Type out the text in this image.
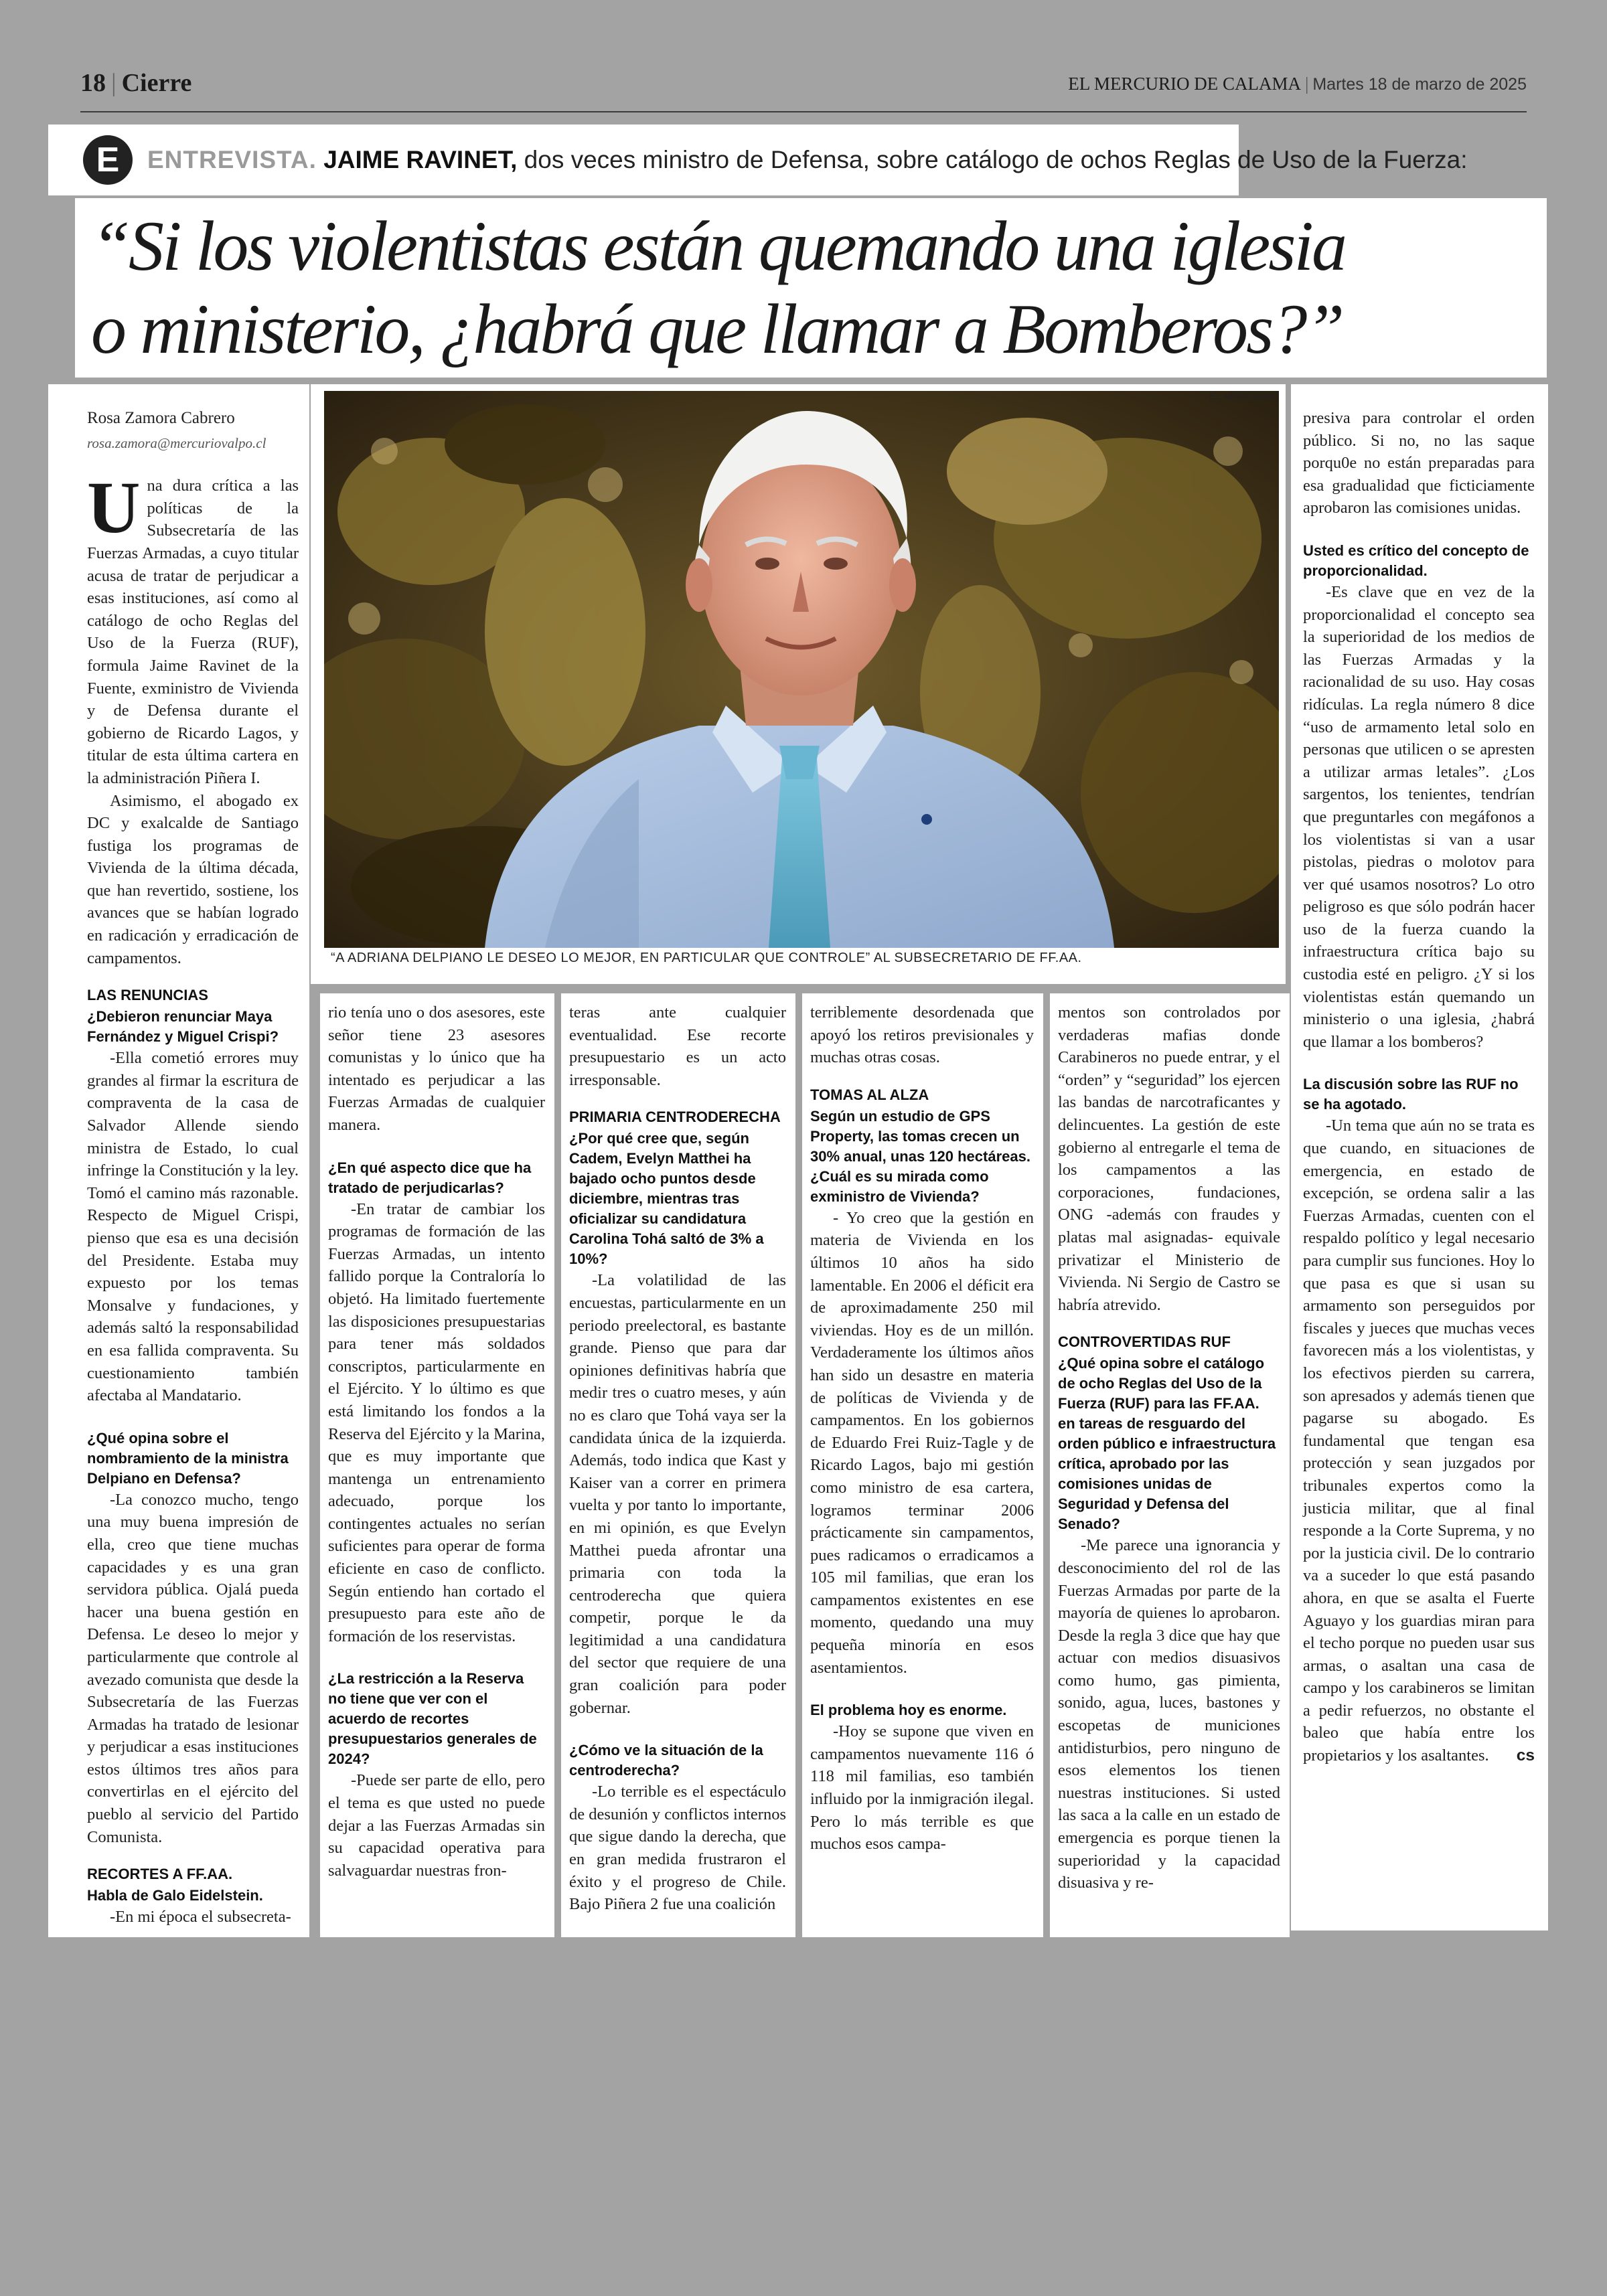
18 | Cierre	EL MERCURIO DE CALAMA | Martes 18 de marzo de 2025
E	ENTREVISTA. JAIME RAVINET, dos veces ministro de Defensa, sobre catálogo de ochos Reglas de Uso de la Fuerza:
“Si los violentistas están quemando una iglesia
o ministerio, ¿habrá que llamar a Bomberos?”
Rosa Zamora Cabrero
rosa.zamora@mercuriovalpo.cl

Una dura crítica a las políticas de la Subsecretaría de las Fuerzas Armadas, a cuyo titular acusa de tratar de perjudicar a esas instituciones, así como al catálogo de ocho Reglas del Uso de la Fuerza (RUF), formula Jaime Ravinet de la Fuente, exministro de Vivienda y de Defensa durante el gobierno de Ricardo Lagos, y titular de esta última cartera en la administración Piñera I.

Asimismo, el abogado ex DC y exalcalde de Santiago fustiga los programas de Vivienda de la última década, que han revertido, sostiene, los avances que se habían logrado en radicación y erradicación de campamentos.

LAS RENUNCIAS
¿Debieron renunciar Maya Fernández y Miguel Crispi?

-Ella cometió errores muy grandes al firmar la escritura de compraventa de la casa de Salvador Allende siendo ministra de Estado, lo cual infringe la Constitución y la ley. Tomó el camino más razonable. Respecto de Miguel Crispi, pienso que esa es una decisión del Presidente. Estaba muy expuesto por los temas Monsalve y fundaciones, y además saltó la responsabilidad en esa fallida compraventa. Su cuestionamiento también afectaba al Mandatario.

¿Qué opina sobre el nombramiento de la ministra Delpiano en Defensa?

-La conozco mucho, tengo una muy buena impresión de ella, creo que tiene muchas capacidades y es una gran servidora pública. Ojalá pueda hacer una buena gestión en Defensa. Le deseo lo mejor y particularmente que controle al avezado comunista que desde la Subsecretaría de las Fuerzas Armadas ha tratado de lesionar y perjudicar a esas instituciones estos últimos tres años para convertirlas en el ejército del pueblo al servicio del Partido Comunista.

RECORTES A FF.AA.
Habla de Galo Eidelstein.

-En mi época el subsecreta-

EL MERCURIO
“A ADRIANA DELPIANO LE DESEO LO MEJOR, EN PARTICULAR QUE CONTROLE” AL SUBSECRETARIO DE FF.AA.

rio tenía uno o dos asesores, este señor tiene 23 asesores comunistas y lo único que ha intentado es perjudicar a las Fuerzas Armadas de cualquier manera.

¿En qué aspecto dice que ha tratado de perjudicarlas?

-En tratar de cambiar los programas de formación de las Fuerzas Armadas, un intento fallido porque la Contraloría lo objetó. Ha limitado fuertemente las disposiciones presupuestarias para tener más soldados conscriptos, particularmente en el Ejército. Y lo último es que está limitando los fondos a la Reserva del Ejército y la Marina, que es muy importante que mantenga un entrenamiento adecuado, porque los contingentes actuales no serían suficientes para operar de forma eficiente en caso de conflicto. Según entiendo han cortado el presupuesto para este año de formación de los reservistas.

¿La restricción a la Reserva no tiene que ver con el acuerdo de recortes presupuestarios generales de 2024?

-Puede ser parte de ello, pero el tema es que usted no puede dejar a las Fuerzas Armadas sin su capacidad operativa para salvaguardar nuestras fron-

teras ante cualquier eventualidad. Ese recorte presupuestario es un acto irresponsable.

PRIMARIA CENTRODERECHA
¿Por qué cree que, según Cadem, Evelyn Matthei ha bajado ocho puntos desde diciembre, mientras tras oficializar su candidatura Carolina Tohá saltó de 3% a 10%?

-La volatilidad de las encuestas, particularmente en un periodo preelectoral, es bastante grande. Pienso que para dar opiniones definitivas habría que medir tres o cuatro meses, y aún no es claro que Tohá vaya ser la candidata única de la izquierda. Además, todo indica que Kast y Kaiser van a correr en primera vuelta y por tanto lo importante, en mi opinión, es que Evelyn Matthei pueda afrontar una primaria con toda la centroderecha que quiera competir, porque le da legitimidad a una candidatura del sector que requiere de una gran coalición para poder gobernar.

¿Cómo ve la situación de la centroderecha?

-Lo terrible es el espectáculo de desunión y conflictos internos que sigue dando la derecha, que en gran medida frustraron el éxito y el progreso de Chile. Bajo Piñera 2 fue una coalición

terriblemente desordenada que apoyó los retiros previsionales y muchas otras cosas.

TOMAS AL ALZA
Según un estudio de GPS Property, las tomas crecen un 30% anual, unas 120 hectáreas. ¿Cuál es su mirada como exministro de Vivienda?

- Yo creo que la gestión en materia de Vivienda en los últimos 10 años ha sido lamentable. En 2006 el déficit era de aproximadamente 250 mil viviendas. Hoy es de un millón. Verdaderamente los últimos años han sido un desastre en materia de políticas de Vivienda y de campamentos. En los gobiernos de Eduardo Frei Ruiz-Tagle y de Ricardo Lagos, bajo mi gestión como ministro de esa cartera, logramos terminar 2006 prácticamente sin campamentos, pues radicamos o erradicamos a 105 mil familias, que eran los campamentos existentes en ese momento, quedando una muy pequeña minoría en esos asentamientos.

El problema hoy es enorme.

-Hoy se supone que viven en campamentos nuevamente 116 ó 118 mil familias, eso también influido por la inmigración ilegal. Pero lo más terrible es que muchos esos campa-

mentos son controlados por verdaderas mafias donde Carabineros no puede entrar, y el “orden” y “seguridad” los ejercen las bandas de narcotraficantes y delincuentes. La gestión de este gobierno al entregarle el tema de los campamentos a las corporaciones, fundaciones, ONG -además con fraudes y platas mal asignadas- equivale privatizar el Ministerio de Vivienda. Ni Sergio de Castro se habría atrevido.

CONTROVERTIDAS RUF
¿Qué opina sobre el catálogo de ocho Reglas del Uso de la Fuerza (RUF) para las FF.AA. en tareas de resguardo del orden público e infraestructura crítica, aprobado por las comisiones unidas de Seguridad y Defensa del Senado?

-Me parece una ignorancia y desconocimiento del rol de las Fuerzas Armadas por parte de la mayoría de quienes lo aprobaron. Desde la regla 3 dice que hay que actuar con medios disuasivos como humo, gas pimienta, sonido, agua, luces, bastones y escopetas de municiones antidisturbios, pero ninguno de esos elementos los tienen nuestras instituciones. Si usted las saca a la calle en un estado de emergencia es porque tienen la superioridad y la capacidad disuasiva y re-

presiva para controlar el orden público. Si no, no las saque porqu0e no están preparadas para esa gradualidad que ficticiamente aprobaron las comisiones unidas.

Usted es crítico del concepto de proporcionalidad.

-Es clave que en vez de la proporcionalidad el concepto sea la superioridad de los medios de las Fuerzas Armadas y la racionalidad de su uso. Hay cosas ridículas. La regla número 8 dice “uso de armamento letal solo en personas que utilicen o se apresten a utilizar armas letales”. ¿Los sargentos, los tenientes, tendrían que preguntarles con megáfonos a los violentistas si van a usar pistolas, piedras o molotov para ver qué usamos nosotros? Lo otro peligroso es que sólo podrán hacer uso de la fuerza cuando la infraestructura crítica bajo su custodia esté en peligro. ¿Y si los violentistas están quemando un ministerio o una iglesia, ¿habrá que llamar a los bomberos?

La discusión sobre las RUF no se ha agotado.

-Un tema que aún no se trata es que cuando, en situaciones de emergencia, en estado de excepción, se ordena salir a las Fuerzas Armadas, cuenten con el respaldo político y legal necesario para cumplir sus funciones. Hoy lo que pasa es que si usan su armamento son perseguidos por fiscales y jueces que muchas veces favorecen más a los violentistas, y los efectivos pierden su carrera, son apresados y además tienen que pagarse su abogado. Es fundamental que tengan esa protección y sean juzgados por tribunales expertos como la justicia militar, que al final responde a la Corte Suprema, y no por la justicia civil. De lo contrario va a suceder lo que está pasando ahora, en que se asalta el Fuerte Aguayo y los guardias miran para el techo porque no pueden usar sus armas, o asaltan una casa de campo y los carabineros se limitan a pedir refuerzos, no obstante el baleo que había entre los propietarios y los asaltantes.	cs
